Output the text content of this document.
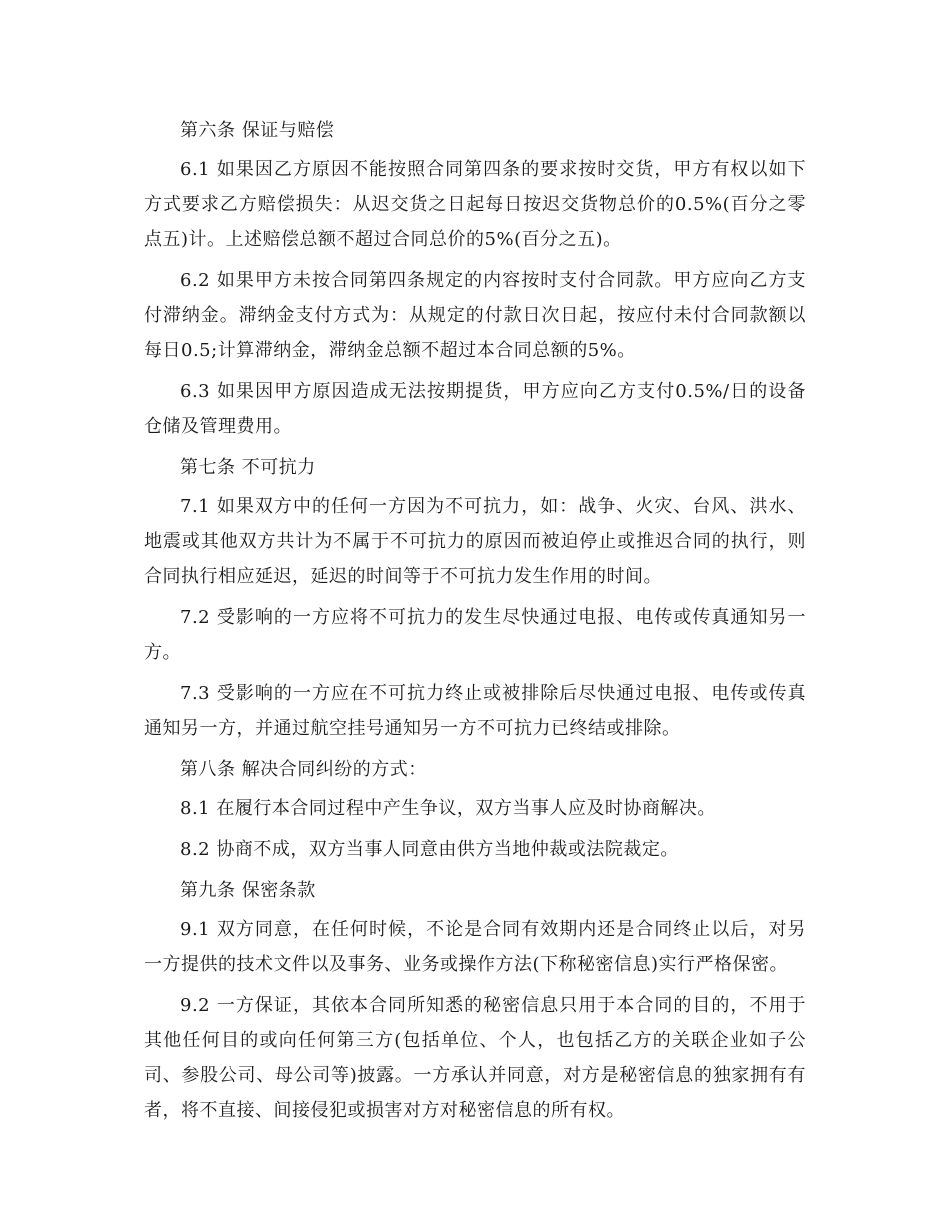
第六条 保证与赔偿

6.1 如果因乙方原因不能按照合同第四条的要求按时交货，甲方有权以如下方式要求乙方赔偿损失：从迟交货之日起每日按迟交货物总价的0.5%(百分之零点五)计。上述赔偿总额不超过合同总价的5%(百分之五)。

6.2 如果甲方未按合同第四条规定的内容按时支付合同款。甲方应向乙方支付滞纳金。滞纳金支付方式为：从规定的付款日次日起，按应付未付合同款额以每日0.5;计算滞纳金，滞纳金总额不超过本合同总额的5%。

6.3 如果因甲方原因造成无法按期提货，甲方应向乙方支付0.5%/日的设备仓储及管理费用。

第七条 不可抗力

7.1 如果双方中的任何一方因为不可抗力，如：战争、火灾、台风、洪水、地震或其他双方共计为不属于不可抗力的原因而被迫停止或推迟合同的执行，则合同执行相应延迟，延迟的时间等于不可抗力发生作用的时间。

7.2 受影响的一方应将不可抗力的发生尽快通过电报、电传或传真通知另一方。

7.3 受影响的一方应在不可抗力终止或被排除后尽快通过电报、电传或传真通知另一方，并通过航空挂号通知另一方不可抗力已终结或排除。

第八条 解决合同纠纷的方式：

8.1 在履行本合同过程中产生争议，双方当事人应及时协商解决。

8.2 协商不成，双方当事人同意由供方当地仲裁或法院裁定。

第九条 保密条款

9.1 双方同意，在任何时候，不论是合同有效期内还是合同终止以后，对另一方提供的技术文件以及事务、业务或操作方法(下称秘密信息)实行严格保密。

9.2 一方保证，其依本合同所知悉的秘密信息只用于本合同的目的，不用于其他任何目的或向任何第三方(包括单位、个人，也包括乙方的关联企业如子公司、参股公司、母公司等)披露。一方承认并同意，对方是秘密信息的独家拥有有者，将不直接、间接侵犯或损害对方对秘密信息的所有权。
